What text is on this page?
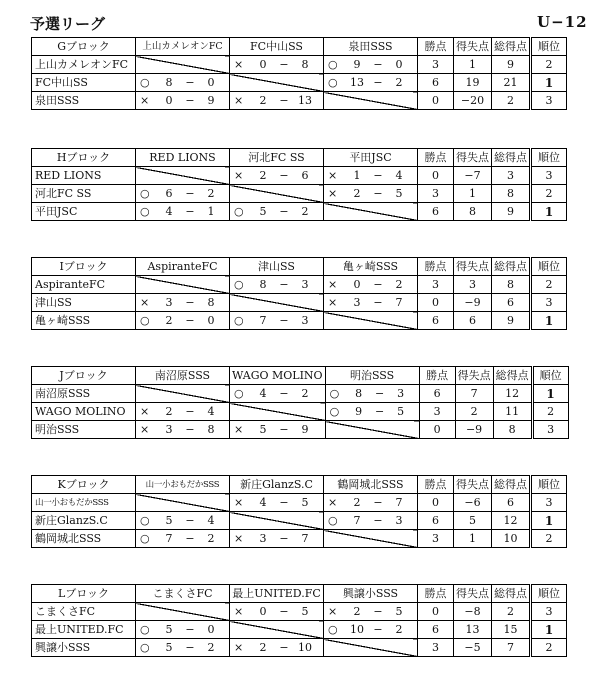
予選リーグ	U−12
Gブロック	上山カメレオンFC	FC中山SS	泉田SSS	勝点	得失点	総得点	順位
上山カメレオンFC		× 0 − 8	○ 9 − 0	3	1	9	2
FC中山SS	○ 8 − 0		○ 13 − 2	6	19	21	1
泉田SSS	× 0 − 9	× 2 − 13		0	−20	2	3
Hブロック	RED LIONS	河北FC SS	平田JSC	勝点	得失点	総得点	順位
RED LIONS		× 2 − 6	× 1 − 4	0	−7	3	3
河北FC SS	○ 6 − 2		× 2 − 5	3	1	8	2
平田JSC	○ 4 − 1	○ 5 − 2		6	8	9	1
Iブロック	AspiranteFC	津山SS	亀ヶ崎SSS	勝点	得失点	総得点	順位
AspiranteFC		○ 8 − 3	× 0 − 2	3	3	8	2
津山SS	× 3 − 8		× 3 − 7	0	−9	6	3
亀ヶ崎SSS	○ 2 − 0	○ 7 − 3		6	6	9	1
Jブロック	南沼原SSS	WAGO MOLINO	明治SSS	勝点	得失点	総得点	順位
南沼原SSS		○ 4 − 2	○ 8 − 3	6	7	12	1
WAGO MOLINO	× 2 − 4		○ 9 − 5	3	2	11	2
明治SSS	× 3 − 8	× 5 − 9		0	−9	8	3
Kブロック	山一小おもだかSSS	新庄GlanzS.C	鶴岡城北SSS	勝点	得失点	総得点	順位
山一小おもだかSSS		× 4 − 5	× 2 − 7	0	−6	6	3
新庄GlanzS.C	○ 5 − 4		○ 7 − 3	6	5	12	1
鶴岡城北SSS	○ 7 − 2	× 3 − 7		3	1	10	2
Lブロック	こまくさFC	最上UNITED.FC	興譲小SSS	勝点	得失点	総得点	順位
こまくさFC		× 0 − 5	× 2 − 5	0	−8	2	3
最上UNITED.FC	○ 5 − 0		○ 10 − 2	6	13	15	1
興譲小SSS	○ 5 − 2	× 2 − 10		3	−5	7	2
